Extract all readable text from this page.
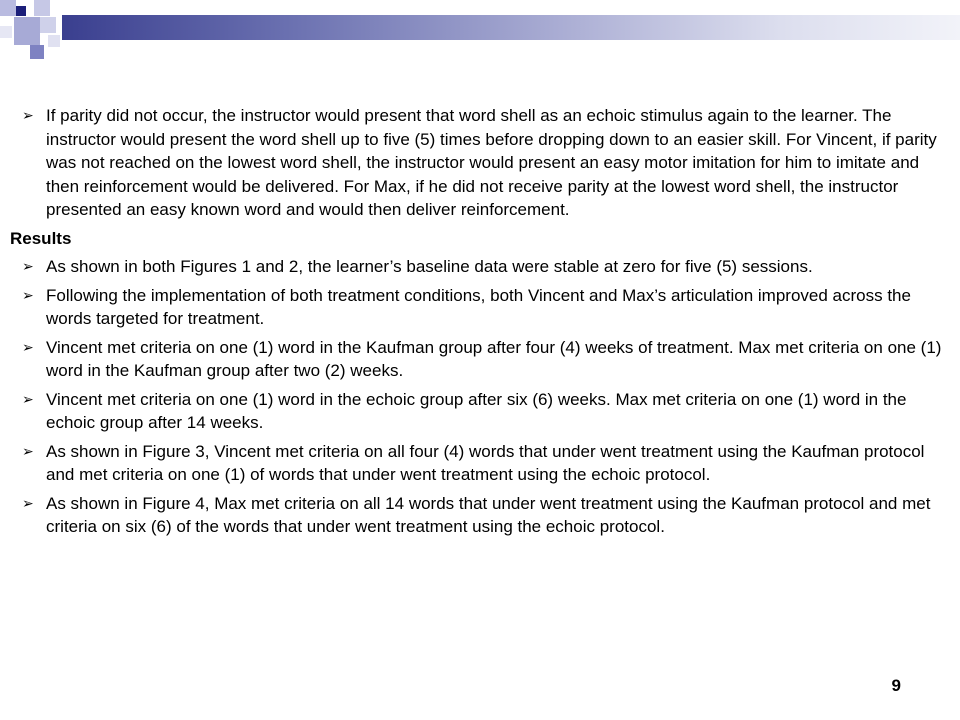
➢ If parity did not occur, the instructor would present that word shell as an echoic stimulus again to the learner. The instructor would present the word shell up to five (5) times before dropping down to an easier skill. For Vincent, if parity was not reached on the lowest word shell, the instructor would present an easy motor imitation for him to imitate and then reinforcement would be delivered. For Max, if he did not receive parity at the lowest word shell, the instructor presented an easy known word and would then deliver reinforcement.
Results
➢ As shown in both Figures 1 and 2, the learner’s baseline data were stable at zero for five (5) sessions.
➢ Following the implementation of both treatment conditions, both Vincent and Max’s articulation improved across the words targeted for treatment.
➢ Vincent met criteria on one (1) word in the Kaufman group after four (4) weeks of treatment. Max met criteria on one (1) word in the Kaufman group after two (2) weeks.
➢ Vincent met criteria on one (1) word in the echoic group after six (6) weeks. Max met criteria on one (1) word in the echoic group after 14 weeks.
➢ As shown in Figure 3, Vincent met criteria on all four (4) words that under went treatment using the Kaufman protocol and met criteria on one (1) of words that under went treatment using the echoic protocol.
➢ As shown in Figure 4, Max met criteria on all 14 words that under went treatment using the Kaufman protocol and met criteria on six (6) of the words that under went treatment using the echoic protocol.
9
